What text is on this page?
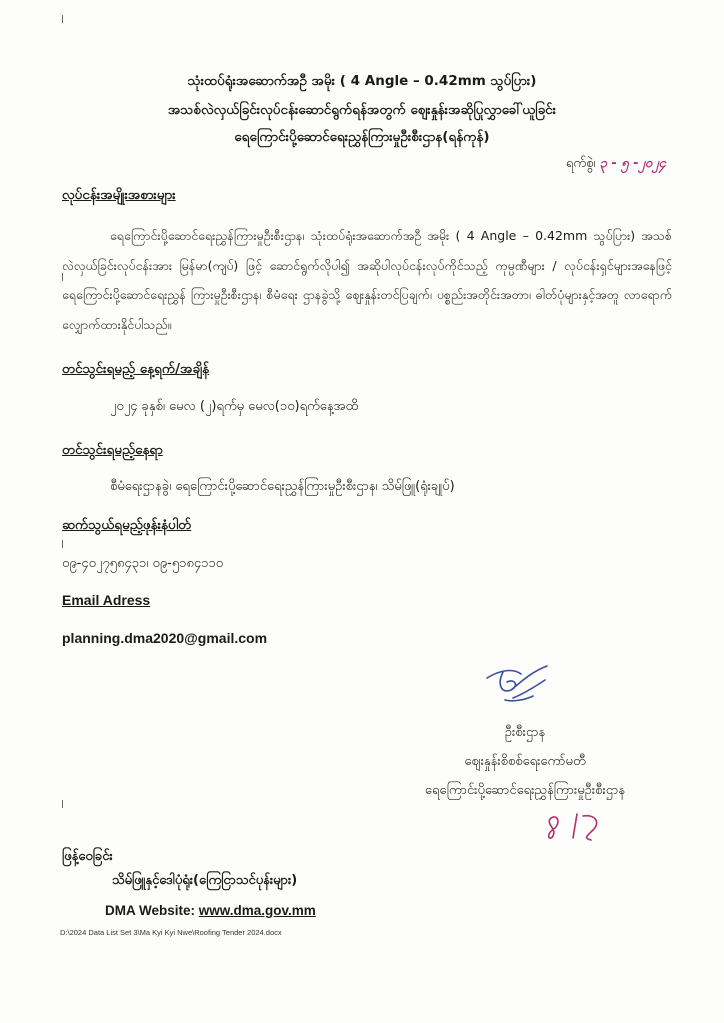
သုံးထပ်ရုံးအဆောက်အဦ အမိုး ( 4 Angle – 0.42mm သွပ်ပြား)
အသစ်လဲလှယ်ခြင်းလုပ်ငန်းဆောင်ရွက်ရန်အတွက် ဈေးနှုန်းအဆိုပြုလွှာခေါ်ယူခြင်း
ရေကြောင်းပို့ဆောင်ရေးညွှန်ကြားမှုဦးစီးဌာန(ရန်ကုန်)
ရက်စွဲ၊ ၃ - ၅ -၂၀၂၄
လုပ်ငန်းအမျိုးအစားများ
ရေကြောင်းပို့ဆောင်ရေးညွှန်ကြားမှုဦးစီးဌာန၊ သုံးထပ်ရုံးအဆောက်အဦ အမိုး ( 4 Angle – 0.42mm သွပ်ပြား) အသစ်လဲလှယ်ခြင်းလုပ်ငန်းအား မြန်မာ(ကျပ်) ဖြင့် ဆောင်ရွက်လိုပါ၍ အဆိုပါလုပ်ငန်းလုပ်ကိုင်သည့် ကုမ္ပဏီများ / လုပ်ငန်းရှင်များအနေဖြင့် ရေကြောင်းပို့ဆောင်ရေးညွှန် ကြားမှုဦးစီးဌာန၊ စီမံရေး ဌာနခွဲသို့ ဈေးနှုန်းတင်ပြချက်၊ ပစ္စည်းအတိုင်းအတာ၊ ဓါတ်ပုံများနှင့်အတူ လာရောက်လျှောက်ထားနိုင်ပါသည်။
တင်သွင်းရမည့် နေ့ရက်/အချိန်
၂၀၂၄ ခုနှစ်၊ မေလ (၂)ရက်မှ မေလ(၁၀)ရက်နေ့အထိ
တင်သွင်းရမည့်နေရာ
စီမံရေးဌာနခွဲ၊ ရေကြောင်းပို့ဆောင်ရေးညွှန်ကြားမှုဦးစီးဌာန၊ သိမ်ဖြူ(ရုံးချုပ်)
ဆက်သွယ်ရမည့်ဖုန်းနံပါတ်
၀၉-၄၀၂၇၅၈၄၃၁၊ ၀၉-၅၁၈၄၁၁၀
Email Adress
planning.dma2020@gmail.com
ဦးစီးဌာန
ဈေးနှုန်းစိစစ်ရေးကော်မတီ
ရေကြောင်းပို့ဆောင်ရေးညွှန်ကြားမှုဦးစီးဌာန
ဖြန့်ဝေခြင်း
သိမ်ဖြူနှင့်ဒေါပုံရုံး(ကြေငြာသင်ပုန်းများ)
DMA Website: www.dma.gov.mm
D:\2024 Data List Set 3\Ma Kyi Kyi Nwe\Roofing Tender 2024.docx
